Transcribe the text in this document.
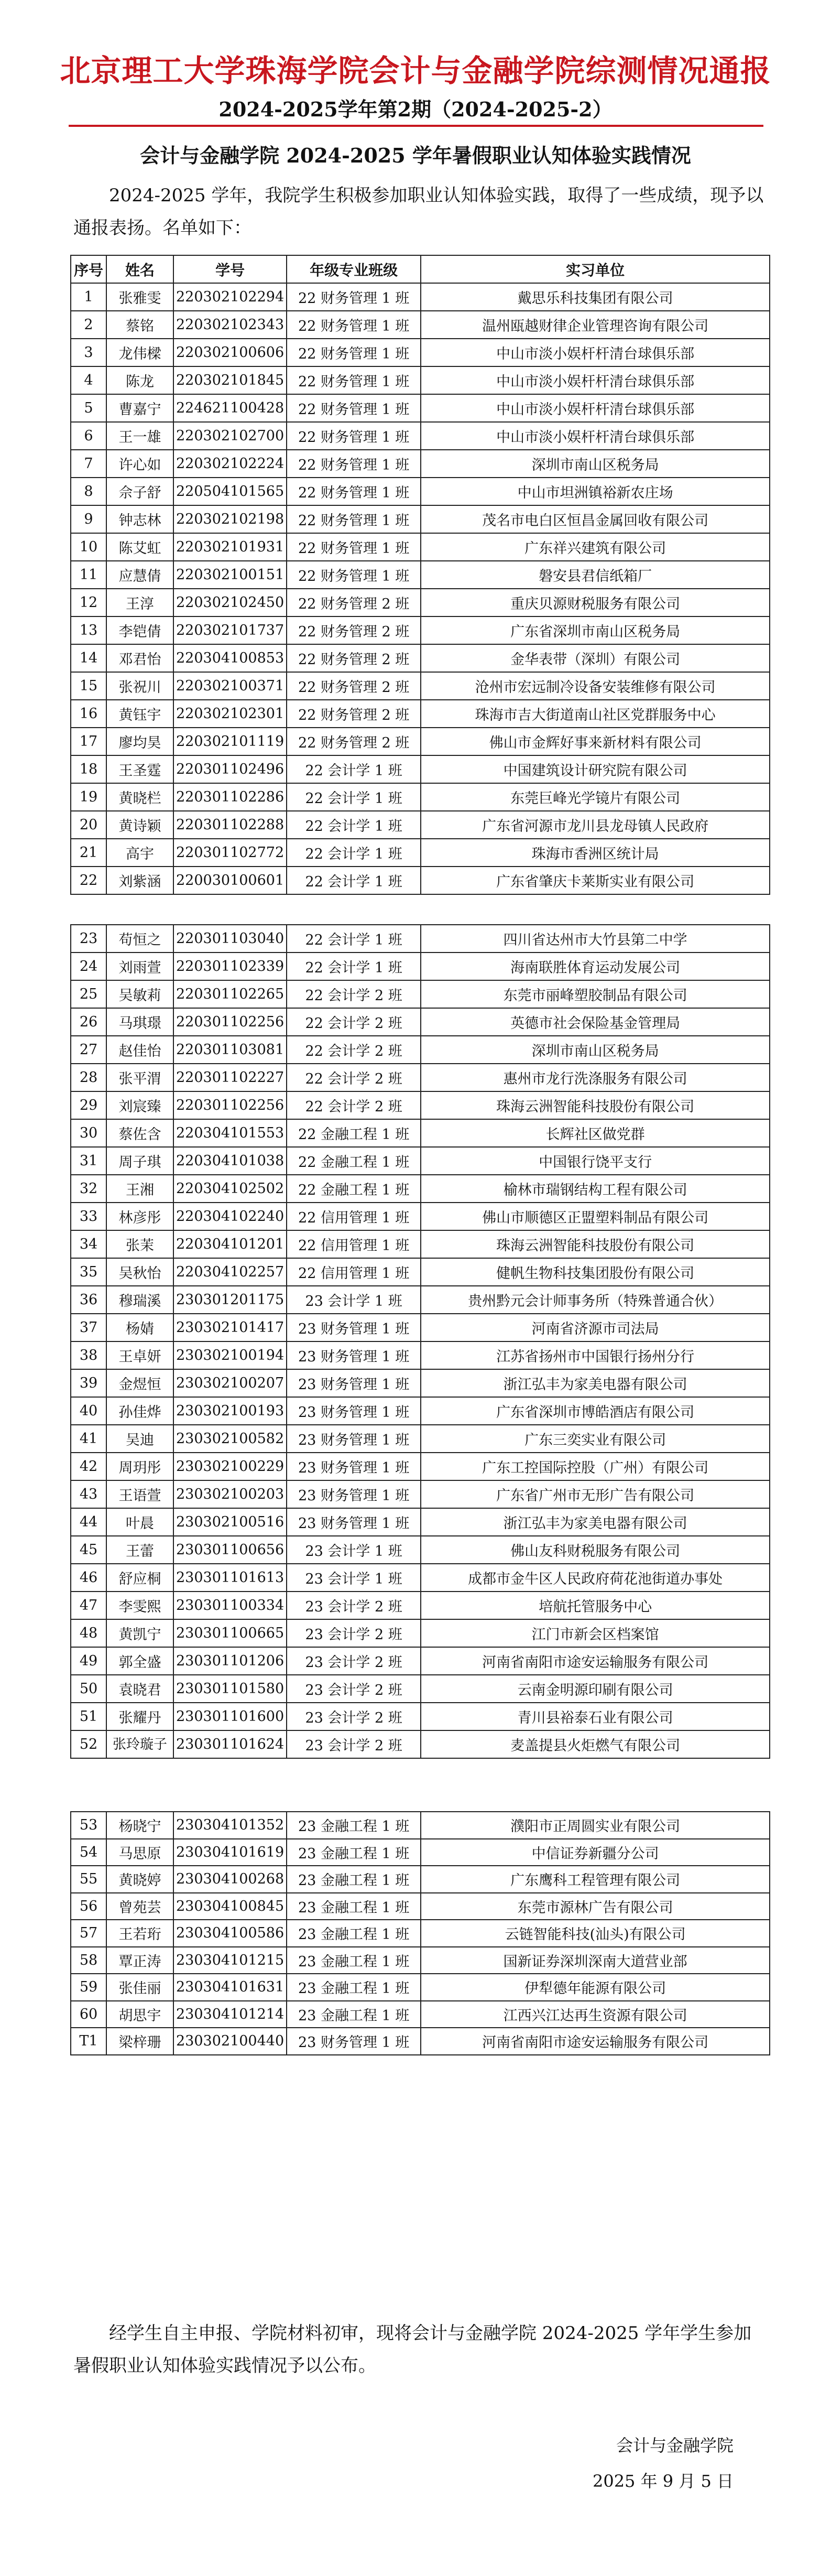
北京理工大学珠海学院会计与金融学院综测情况通报
2024-2025学年第2期（2024-2025-2）
会计与金融学院 2024-2025 学年暑假职业认知体验实践情况
2024-2025 学年，我院学生积极参加职业认知体验实践，取得了一些成绩，现予以通报表扬。名单如下：
序号	姓名	学号	年级专业班级	实习单位
1	张雅雯	220302102294	22 财务管理 1 班	戴思乐科技集团有限公司
2	蔡铭	220302102343	22 财务管理 1 班	温州瓯越财律企业管理咨询有限公司
3	龙伟樑	220302100606	22 财务管理 1 班	中山市淡小娱杆杆清台球俱乐部
4	陈龙	220302101845	22 财务管理 1 班	中山市淡小娱杆杆清台球俱乐部
5	曹嘉宁	224621100428	22 财务管理 1 班	中山市淡小娱杆杆清台球俱乐部
6	王一雄	220302102700	22 财务管理 1 班	中山市淡小娱杆杆清台球俱乐部
7	许心如	220302102224	22 财务管理 1 班	深圳市南山区税务局
8	佘子舒	220504101565	22 财务管理 1 班	中山市坦洲镇裕新农庄场
9	钟志林	220302102198	22 财务管理 1 班	茂名市电白区恒昌金属回收有限公司
10	陈艾虹	220302101931	22 财务管理 1 班	广东祥兴建筑有限公司
11	应慧倩	220302100151	22 财务管理 1 班	磐安县君信纸箱厂
12	王淳	220302102450	22 财务管理 2 班	重庆贝源财税服务有限公司
13	李铠倩	220302101737	22 财务管理 2 班	广东省深圳市南山区税务局
14	邓君怡	220304100853	22 财务管理 2 班	金华表带（深圳）有限公司
15	张祝川	220302100371	22 财务管理 2 班	沧州市宏远制冷设备安装维修有限公司
16	黄钰宇	220302102301	22 财务管理 2 班	珠海市吉大街道南山社区党群服务中心
17	廖均昊	220302101119	22 财务管理 2 班	佛山市金辉好事来新材料有限公司
18	王圣霆	220301102496	22 会计学 1 班	中国建筑设计研究院有限公司
19	黄晓栏	220301102286	22 会计学 1 班	东莞巨峰光学镜片有限公司
20	黄诗颖	220301102288	22 会计学 1 班	广东省河源市龙川县龙母镇人民政府
21	高宇	220301102772	22 会计学 1 班	珠海市香洲区统计局
22	刘紫涵	220030100601	22 会计学 1 班	广东省肇庆卡莱斯实业有限公司
23	苟恒之	220301103040	22 会计学 1 班	四川省达州市大竹县第二中学
24	刘雨萱	220301102339	22 会计学 1 班	海南联胜体育运动发展公司
25	吴敏莉	220301102265	22 会计学 2 班	东莞市丽峰塑胶制品有限公司
26	马琪璟	220301102256	22 会计学 2 班	英德市社会保险基金管理局
27	赵佳怡	220301103081	22 会计学 2 班	深圳市南山区税务局
28	张平渭	220301102227	22 会计学 2 班	惠州市龙行洗涤服务有限公司
29	刘宸臻	220301102256	22 会计学 2 班	珠海云洲智能科技股份有限公司
30	蔡佐含	220304101553	22 金融工程 1 班	长辉社区做党群
31	周子琪	220304101038	22 金融工程 1 班	中国银行饶平支行
32	王湘	220304102502	22 金融工程 1 班	榆林市瑞钢结构工程有限公司
33	林彦彤	220304102240	22 信用管理 1 班	佛山市顺德区正盟塑料制品有限公司
34	张茉	220304101201	22 信用管理 1 班	珠海云洲智能科技股份有限公司
35	吴秋怡	220304102257	22 信用管理 1 班	健帆生物科技集团股份有限公司
36	穆瑞溪	230301201175	23 会计学 1 班	贵州黔元会计师事务所（特殊普通合伙）
37	杨婧	230302101417	23 财务管理 1 班	河南省济源市司法局
38	王卓妍	230302100194	23 财务管理 1 班	江苏省扬州市中国银行扬州分行
39	金煜恒	230302100207	23 财务管理 1 班	浙江弘丰为家美电器有限公司
40	孙佳烨	230302100193	23 财务管理 1 班	广东省深圳市博皓酒店有限公司
41	吴迪	230302100582	23 财务管理 1 班	广东三奕实业有限公司
42	周玥彤	230302100229	23 财务管理 1 班	广东工控国际控股（广州）有限公司
43	王语萱	230302100203	23 财务管理 1 班	广东省广州市无形广告有限公司
44	叶晨	230302100516	23 财务管理 1 班	浙江弘丰为家美电器有限公司
45	王蕾	230301100656	23 会计学 1 班	佛山友科财税服务有限公司
46	舒应桐	230301101613	23 会计学 1 班	成都市金牛区人民政府荷花池街道办事处
47	李雯熙	230301100334	23 会计学 2 班	培航托管服务中心
48	黄凯宁	230301100665	23 会计学 2 班	江门市新会区档案馆
49	郭全盛	230301101206	23 会计学 2 班	河南省南阳市途安运输服务有限公司
50	袁晓君	230301101580	23 会计学 2 班	云南金明源印刷有限公司
51	张耀丹	230301101600	23 会计学 2 班	青川县裕泰石业有限公司
52	张玲璇子	230301101624	23 会计学 2 班	麦盖提县火炬燃气有限公司
53	杨晓宁	230304101352	23 金融工程 1 班	濮阳市正周圆实业有限公司
54	马思原	230304101619	23 金融工程 1 班	中信证券新疆分公司
55	黄晓婷	230304100268	23 金融工程 1 班	广东鹰科工程管理有限公司
56	曾苑芸	230304100845	23 金融工程 1 班	东莞市源林广告有限公司
57	王若珩	230304100586	23 金融工程 1 班	云链智能科技(汕头)有限公司
58	覃正涛	230304101215	23 金融工程 1 班	国新证券深圳深南大道营业部
59	张佳丽	230304101631	23 金融工程 1 班	伊犁德年能源有限公司
60	胡思宇	230304101214	23 金融工程 1 班	江西兴江达再生资源有限公司
T1	梁梓珊	230302100440	23 财务管理 1 班	河南省南阳市途安运输服务有限公司
经学生自主申报、学院材料初审，现将会计与金融学院 2024-2025 学年学生参加暑假职业认知体验实践情况予以公布。
会计与金融学院
2025 年 9 月 5 日
